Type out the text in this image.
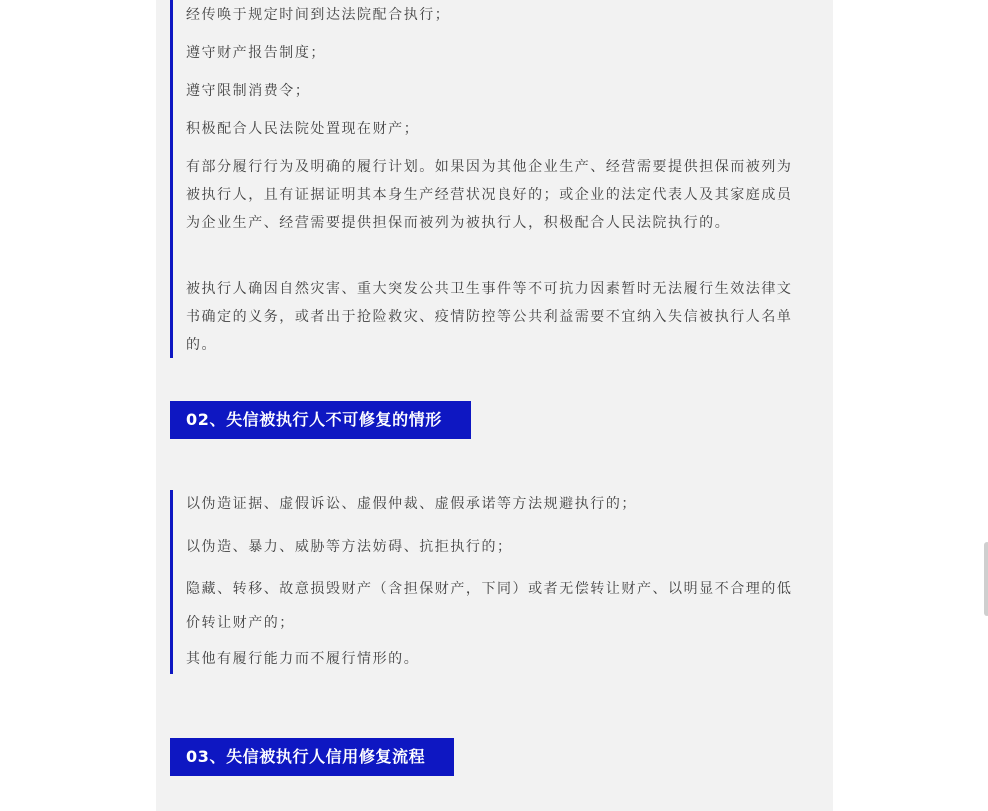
经传唤于规定时间到达法院配合执行；

遵守财产报告制度；

遵守限制消费令；

积极配合人民法院处置现在财产；

有部分履行行为及明确的履行计划。如果因为其他企业生产、经营需要提供担保而被列为被执行人，且有证据证明其本身生产经营状况良好的；或企业的法定代表人及其家庭成员为企业生产、经营需要提供担保而被列为被执行人，积极配合人民法院执行的。

被执行人确因自然灾害、重大突发公共卫生事件等不可抗力因素暂时无法履行生效法律文书确定的义务，或者出于抢险救灾、疫情防控等公共利益需要不宜纳入失信被执行人名单的。

02、失信被执行人不可修复的情形

以伪造证据、虚假诉讼、虚假仲裁、虚假承诺等方法规避执行的；

以伪造、暴力、威胁等方法妨碍、抗拒执行的；

隐藏、转移、故意损毁财产（含担保财产，下同）或者无偿转让财产、以明显不合理的低价转让财产的；

其他有履行能力而不履行情形的。

03、失信被执行人信用修复流程
